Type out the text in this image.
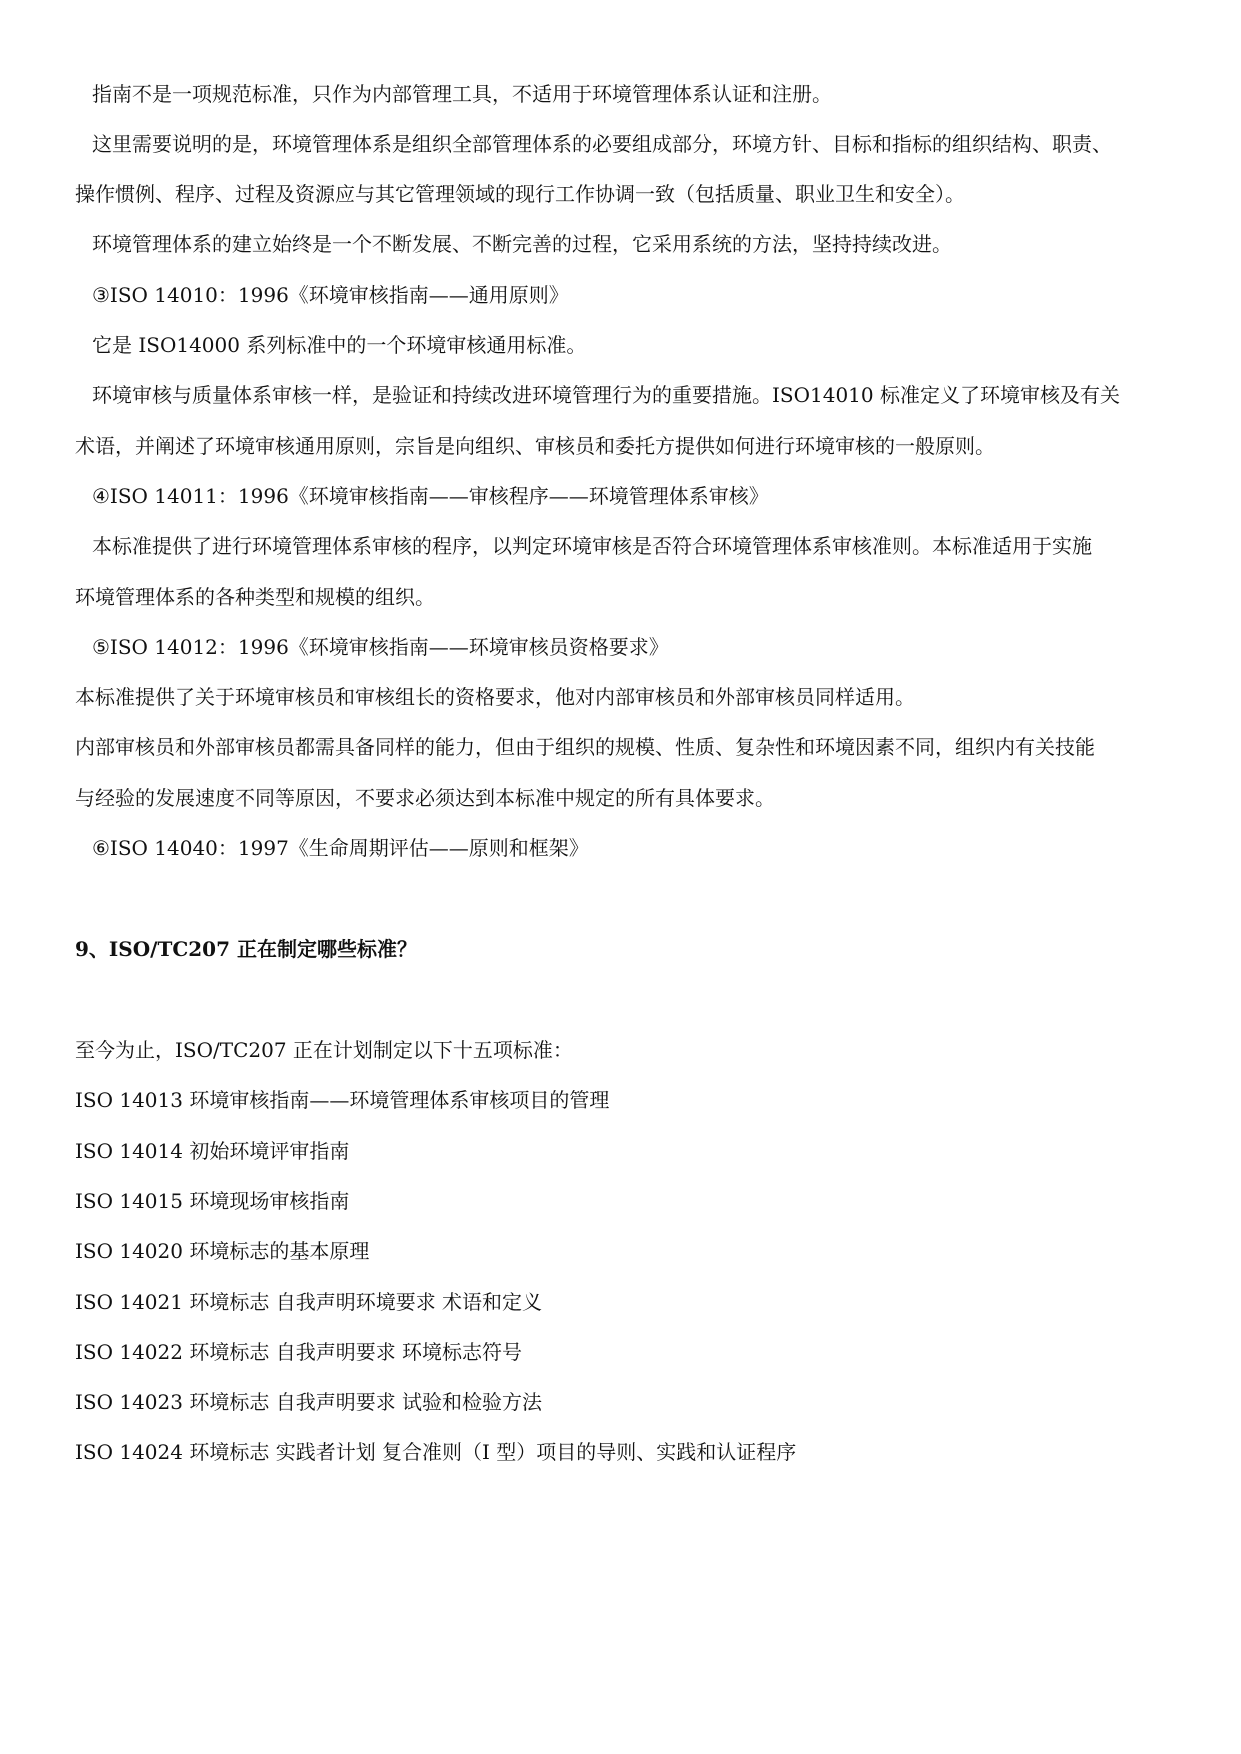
指南不是一项规范标准，只作为内部管理工具，不适用于环境管理体系认证和注册。
这里需要说明的是，环境管理体系是组织全部管理体系的必要组成部分，环境方针、目标和指标的组织结构、职责、
操作惯例、程序、过程及资源应与其它管理领域的现行工作协调一致（包括质量、职业卫生和安全）。
环境管理体系的建立始终是一个不断发展、不断完善的过程，它采用系统的方法，坚持持续改进。
③ISO 14010：1996《环境审核指南——通用原则》
它是 ISO14000 系列标准中的一个环境审核通用标准。
环境审核与质量体系审核一样，是验证和持续改进环境管理行为的重要措施。ISO14010 标准定义了环境审核及有关
术语，并阐述了环境审核通用原则，宗旨是向组织、审核员和委托方提供如何进行环境审核的一般原则。
④ISO 14011：1996《环境审核指南——审核程序——环境管理体系审核》
本标准提供了进行环境管理体系审核的程序，以判定环境审核是否符合环境管理体系审核准则。本标准适用于实施
环境管理体系的各种类型和规模的组织。
⑤ISO 14012：1996《环境审核指南——环境审核员资格要求》
本标准提供了关于环境审核员和审核组长的资格要求，他对内部审核员和外部审核员同样适用。
内部审核员和外部审核员都需具备同样的能力，但由于组织的规模、性质、复杂性和环境因素不同，组织内有关技能
与经验的发展速度不同等原因，不要求必须达到本标准中规定的所有具体要求。
⑥ISO 14040：1997《生命周期评估——原则和框架》
9、ISO/TC207 正在制定哪些标准？
至今为止，ISO/TC207 正在计划制定以下十五项标准：
ISO 14013 环境审核指南——环境管理体系审核项目的管理
ISO 14014 初始环境评审指南
ISO 14015 环境现场审核指南
ISO 14020 环境标志的基本原理
ISO 14021 环境标志 自我声明环境要求 术语和定义
ISO 14022 环境标志 自我声明要求 环境标志符号
ISO 14023 环境标志 自我声明要求 试验和检验方法
ISO 14024 环境标志 实践者计划 复合准则（I 型）项目的导则、实践和认证程序
